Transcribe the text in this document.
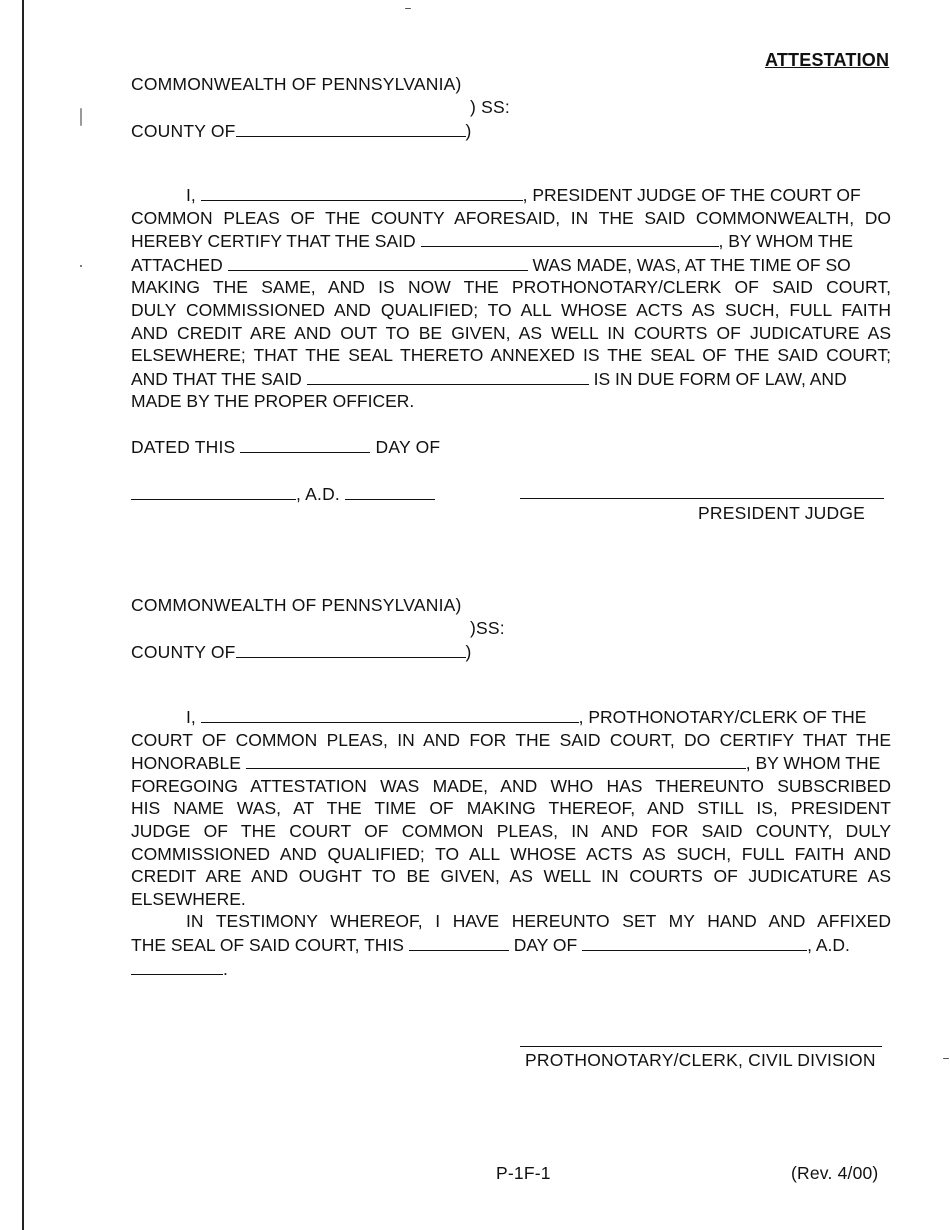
ATTESTATION
COMMONWEALTH OF PENNSYLVANIA)
) SS:
COUNTY OF	)
I,	, PRESIDENT JUDGE OF THE COURT OF
COMMON PLEAS OF THE COUNTY AFORESAID, IN THE SAID COMMONWEALTH, DO
HEREBY CERTIFY THAT THE SAID	, BY WHOM THE
ATTACHED	WAS MADE, WAS, AT THE TIME OF SO
MAKING THE SAME, AND IS NOW THE PROTHONOTARY/CLERK OF SAID COURT,
DULY COMMISSIONED AND QUALIFIED; TO ALL WHOSE ACTS AS SUCH, FULL FAITH
AND CREDIT ARE AND OUT TO BE GIVEN, AS WELL IN COURTS OF JUDICATURE AS
ELSEWHERE; THAT THE SEAL THERETO ANNEXED IS THE SEAL OF THE SAID COURT;
AND THAT THE SAID	IS IN DUE FORM OF LAW, AND
MADE BY THE PROPER OFFICER.
DATED THIS	DAY OF
, A.D.
PRESIDENT JUDGE
COMMONWEALTH OF PENNSYLVANIA)
)SS:
COUNTY OF	)
I,	, PROTHONOTARY/CLERK OF THE
COURT OF COMMON PLEAS, IN AND FOR THE SAID COURT, DO CERTIFY THAT THE
HONORABLE	, BY WHOM THE
FOREGOING ATTESTATION WAS MADE, AND WHO HAS THEREUNTO SUBSCRIBED
HIS NAME WAS, AT THE TIME OF MAKING THEREOF, AND STILL IS, PRESIDENT
JUDGE OF THE COURT OF COMMON PLEAS, IN AND FOR SAID COUNTY, DULY
COMMISSIONED AND QUALIFIED; TO ALL WHOSE ACTS AS SUCH, FULL FAITH AND
CREDIT ARE AND OUGHT TO BE GIVEN, AS WELL IN COURTS OF JUDICATURE AS
ELSEWHERE.
IN TESTIMONY WHEREOF, I HAVE HEREUNTO SET MY HAND AND AFFIXED
THE SEAL OF SAID COURT, THIS	DAY OF	, A.D.
.
PROTHONOTARY/CLERK, CIVIL DIVISION
P-1F-1	(Rev. 4/00)
